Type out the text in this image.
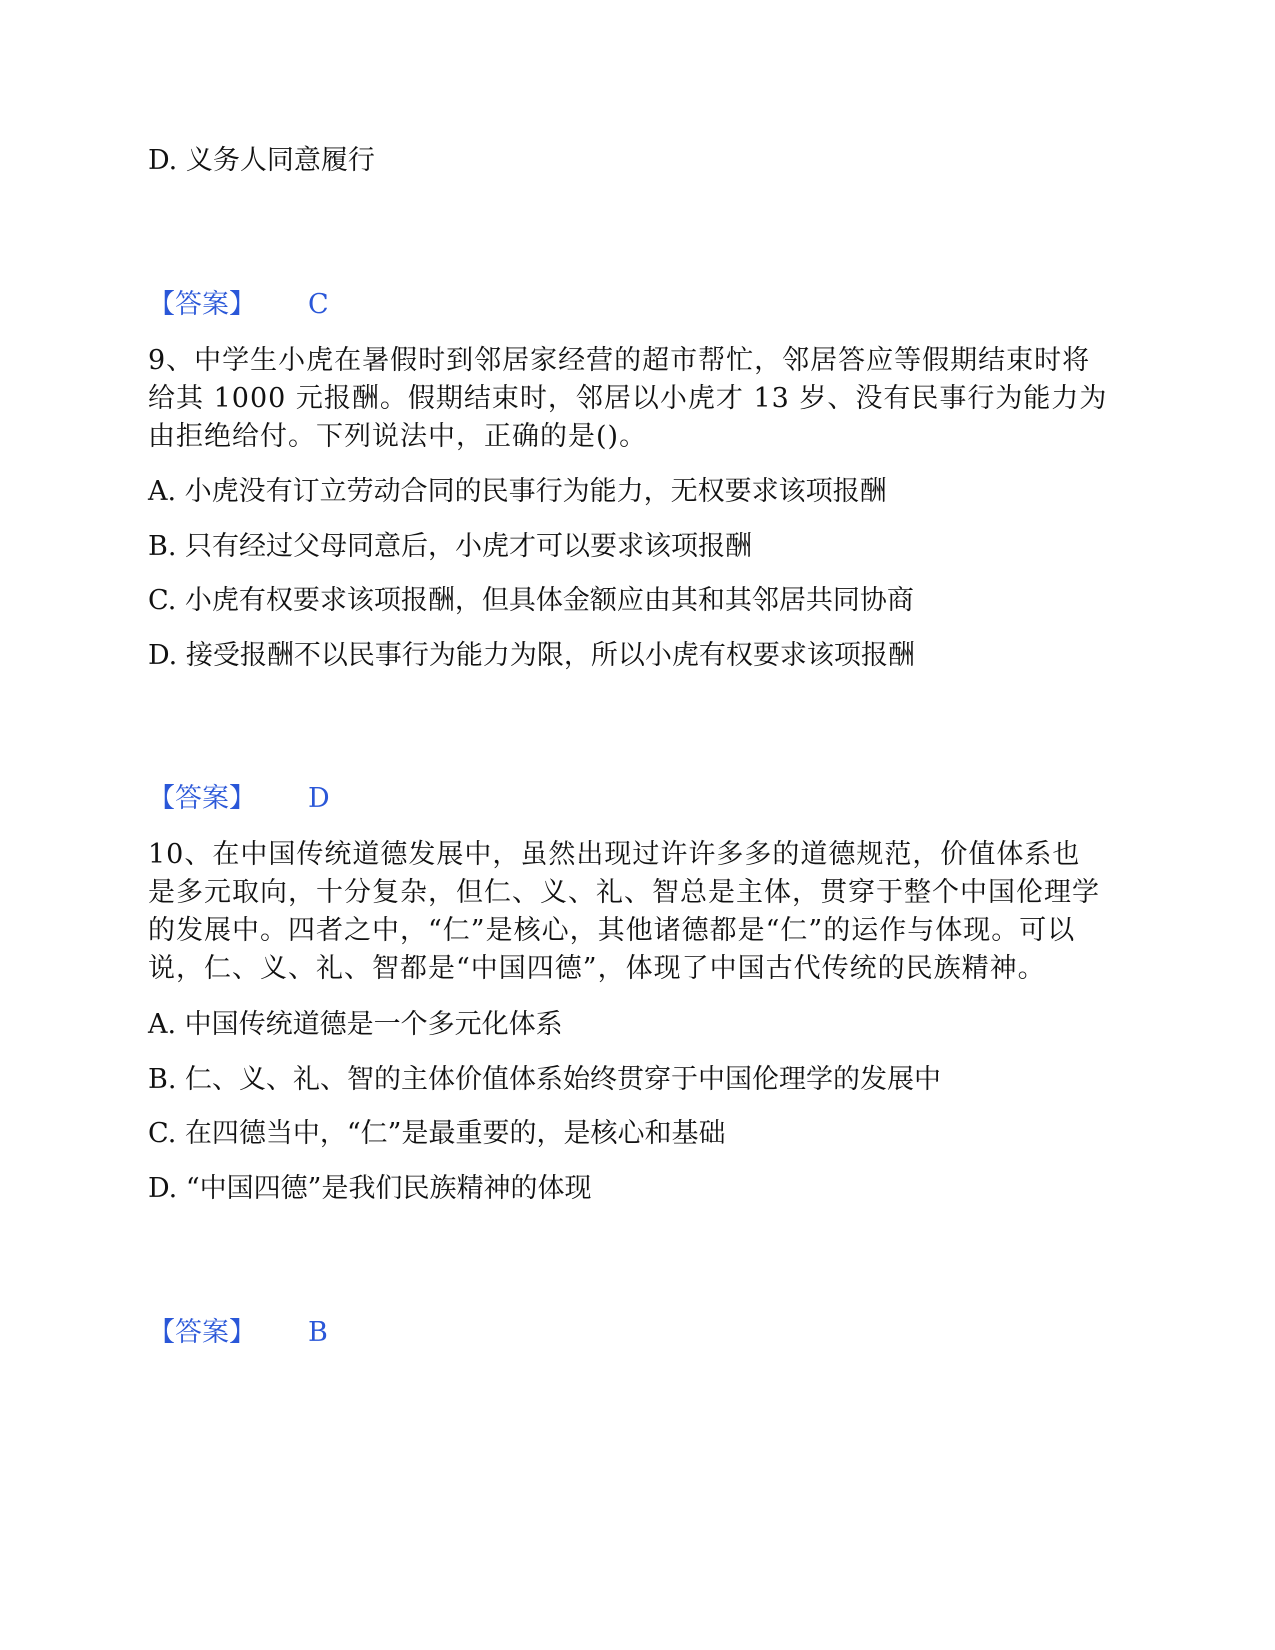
D. 义务人同意履行
【答案】 C
9、中学生小虎在暑假时到邻居家经营的超市帮忙，邻居答应等假期结束时将给其 1000 元报酬。假期结束时，邻居以小虎才 13 岁、没有民事行为能力为由拒绝给付。下列说法中，正确的是()。
A. 小虎没有订立劳动合同的民事行为能力，无权要求该项报酬
B. 只有经过父母同意后，小虎才可以要求该项报酬
C. 小虎有权要求该项报酬，但具体金额应由其和其邻居共同协商
D. 接受报酬不以民事行为能力为限，所以小虎有权要求该项报酬
【答案】 D
10、在中国传统道德发展中，虽然出现过许许多多的道德规范，价值体系也是多元取向，十分复杂，但仁、义、礼、智总是主体，贯穿于整个中国伦理学的发展中。四者之中，“仁”是核心，其他诸德都是“仁”的运作与体现。可以说，仁、义、礼、智都是“中国四德”，体现了中国古代传统的民族精神。
A. 中国传统道德是一个多元化体系
B. 仁、义、礼、智的主体价值体系始终贯穿于中国伦理学的发展中
C. 在四德当中，“仁”是最重要的，是核心和基础
D. “中国四德”是我们民族精神的体现
【答案】 B
